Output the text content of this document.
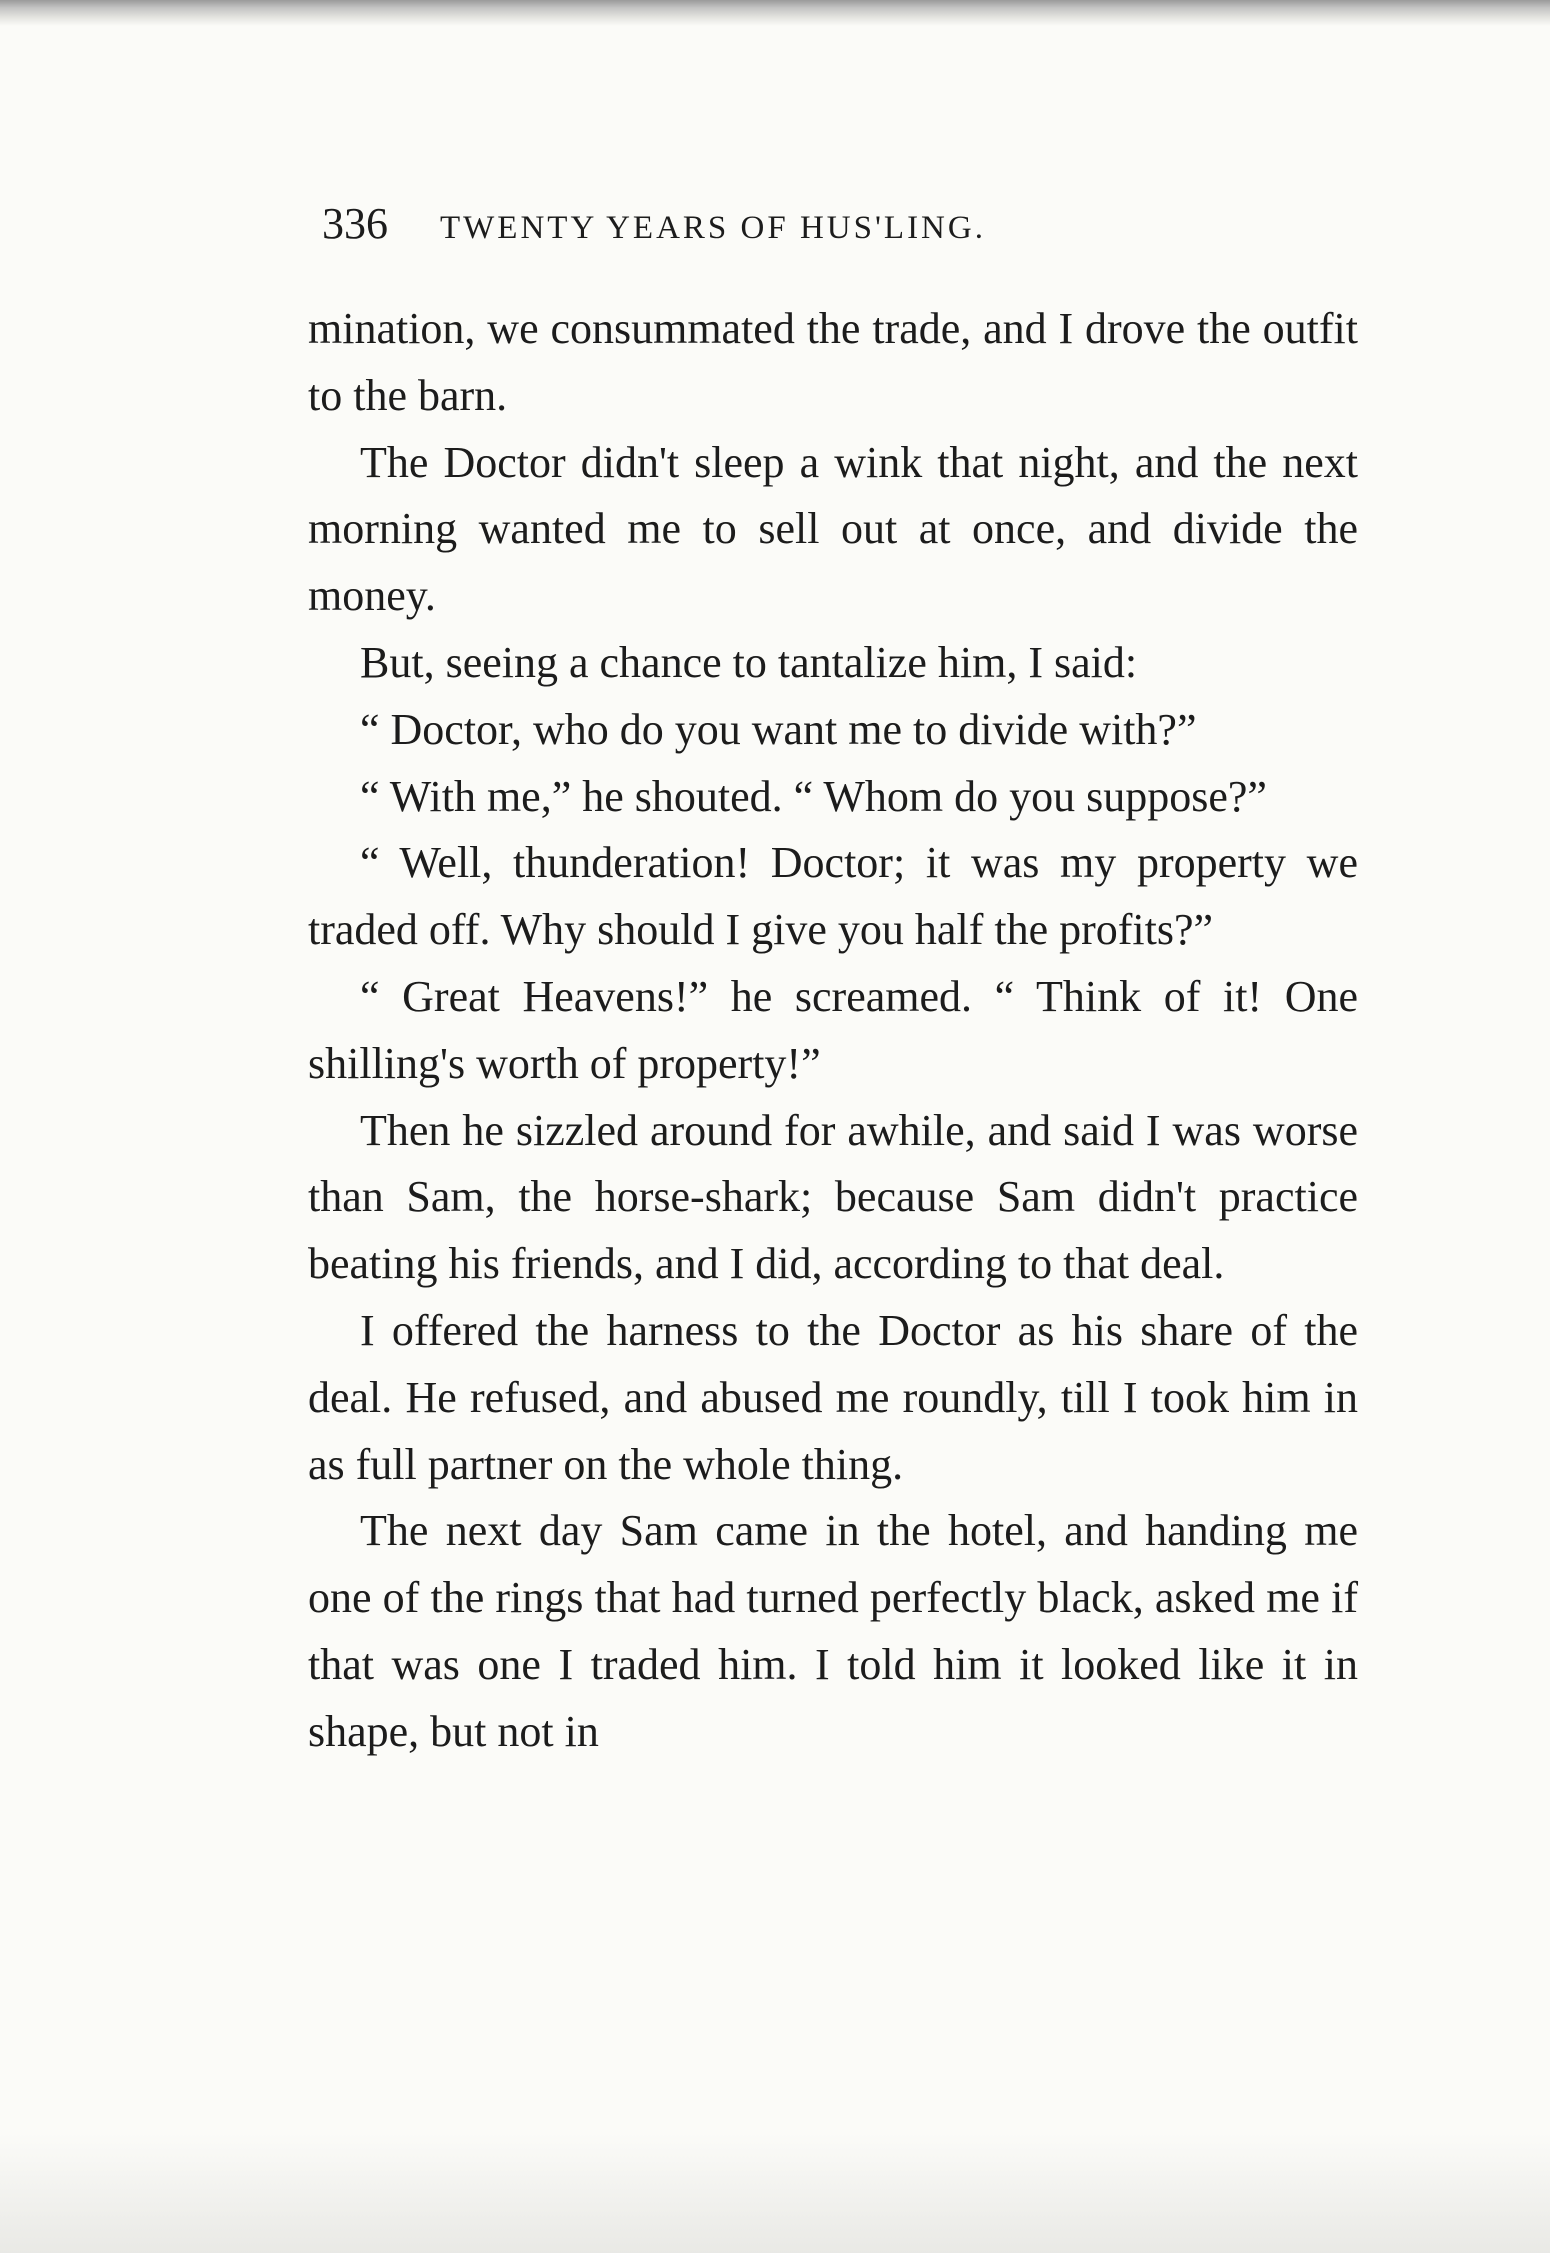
336	TWENTY YEARS OF HUS'LING.

mination, we consummated the trade, and I drove the outfit to the barn.

The Doctor didn't sleep a wink that night, and the next morning wanted me to sell out at once, and divide the money.

But, seeing a chance to tantalize him, I said:

“ Doctor, who do you want me to divide with?”

“ With me,” he shouted. “ Whom do you suppose?”

“ Well, thunderation! Doctor; it was my property we traded off. Why should I give you half the profits?”

“ Great Heavens!” he screamed. “ Think of it! One shilling's worth of property!”

Then he sizzled around for awhile, and said I was worse than Sam, the horse-shark; because Sam didn't practice beating his friends, and I did, according to that deal.

I offered the harness to the Doctor as his share of the deal. He refused, and abused me roundly, till I took him in as full partner on the whole thing.

The next day Sam came in the hotel, and handing me one of the rings that had turned perfectly black, asked me if that was one I traded him. I told him it looked like it in shape, but not in
